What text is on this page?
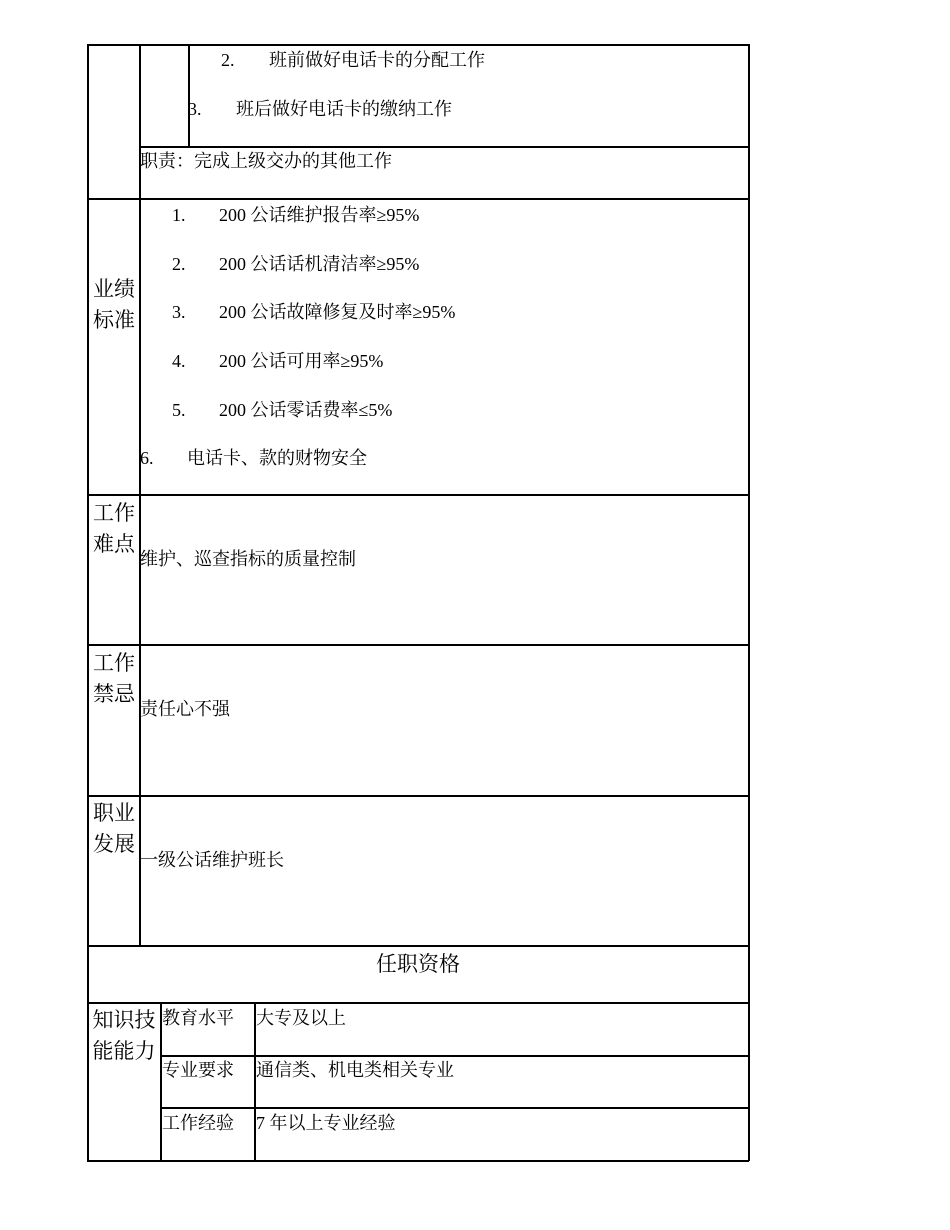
2. 班前做好电话卡的分配工作
3. 班后做好电话卡的缴纳工作
职责：完成上级交办的其他工作
业绩标准
1. 200 公话维护报告率≥95%
2. 200 公话话机清洁率≥95%
3. 200 公话故障修复及时率≥95%
4. 200 公话可用率≥95%
5. 200 公话零话费率≤5%
6. 电话卡、款的财物安全
工作难点
维护、巡查指标的质量控制
工作禁忌
责任心不强
职业发展
一级公话维护班长
任职资格
知识技能能力
教育水平 大专及以上
专业要求 通信类、机电类相关专业
工作经验 7 年以上专业经验
